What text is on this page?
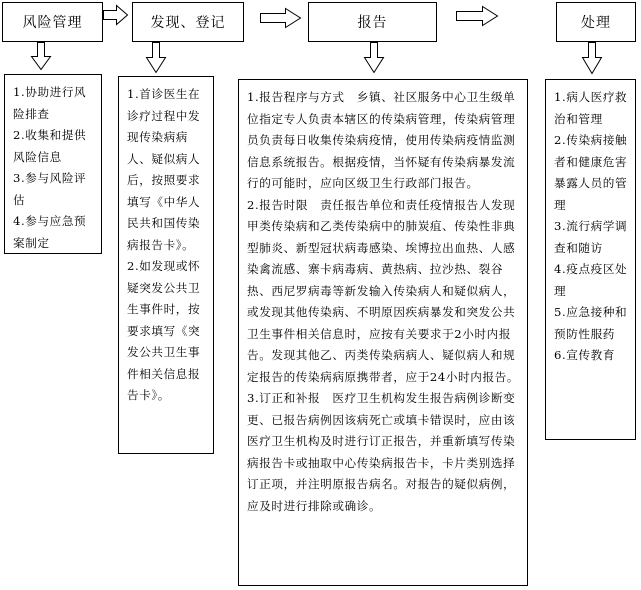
风险管理	发现、登记	报告	处理

1.协助进行风险排查

2.收集和提供风险信息

3.参与风险评估

4.参与应急预案制定

1.首诊医生在诊疗过程中发现传染病病人、疑似病人后，按照要求填写《中华人民共和国传染病报告卡》。

2.如发现或怀疑突发公共卫生事件时，按要求填写《突发公共卫生事件相关信息报告卡》。

1.报告程序与方式　乡镇、社区服务中心卫生级单位指定专人负责本辖区的传染病管理，传染病管理员负责每日收集传染病疫情，使用传染病疫情监测信息系统报告。根据疫情，当怀疑有传染病暴发流行的可能时，应向区级卫生行政部门报告。

2.报告时限　责任报告单位和责任疫情报告人发现甲类传染病和乙类传染病中的肺炭疽、传染性非典型肺炎、新型冠状病毒感染、埃博拉出血热、人感染禽流感、寨卡病毒病、黄热病、拉沙热、裂谷热、西尼罗病毒等新发输入传染病人和疑似病人，或发现其他传染病、不明原因疾病暴发和突发公共卫生事件相关信息时，应按有关要求于2小时内报告。发现其他乙、丙类传染病病人、疑似病人和规定报告的传染病病原携带者，应于24小时内报告。

3.订正和补报　医疗卫生机构发生报告病例诊断变更、已报告病例因该病死亡或填卡错误时，应由该医疗卫生机构及时进行订正报告，并重新填写传染病报告卡或抽取中心传染病报告卡，卡片类别选择订正项，并注明原报告病名。对报告的疑似病例，应及时进行排除或确诊。

1.病人医疗救治和管理

2.传染病接触者和健康危害暴露人员的管理

3.流行病学调查和随访

4.疫点疫区处理

5.应急接种和预防性服药

6.宣传教育
